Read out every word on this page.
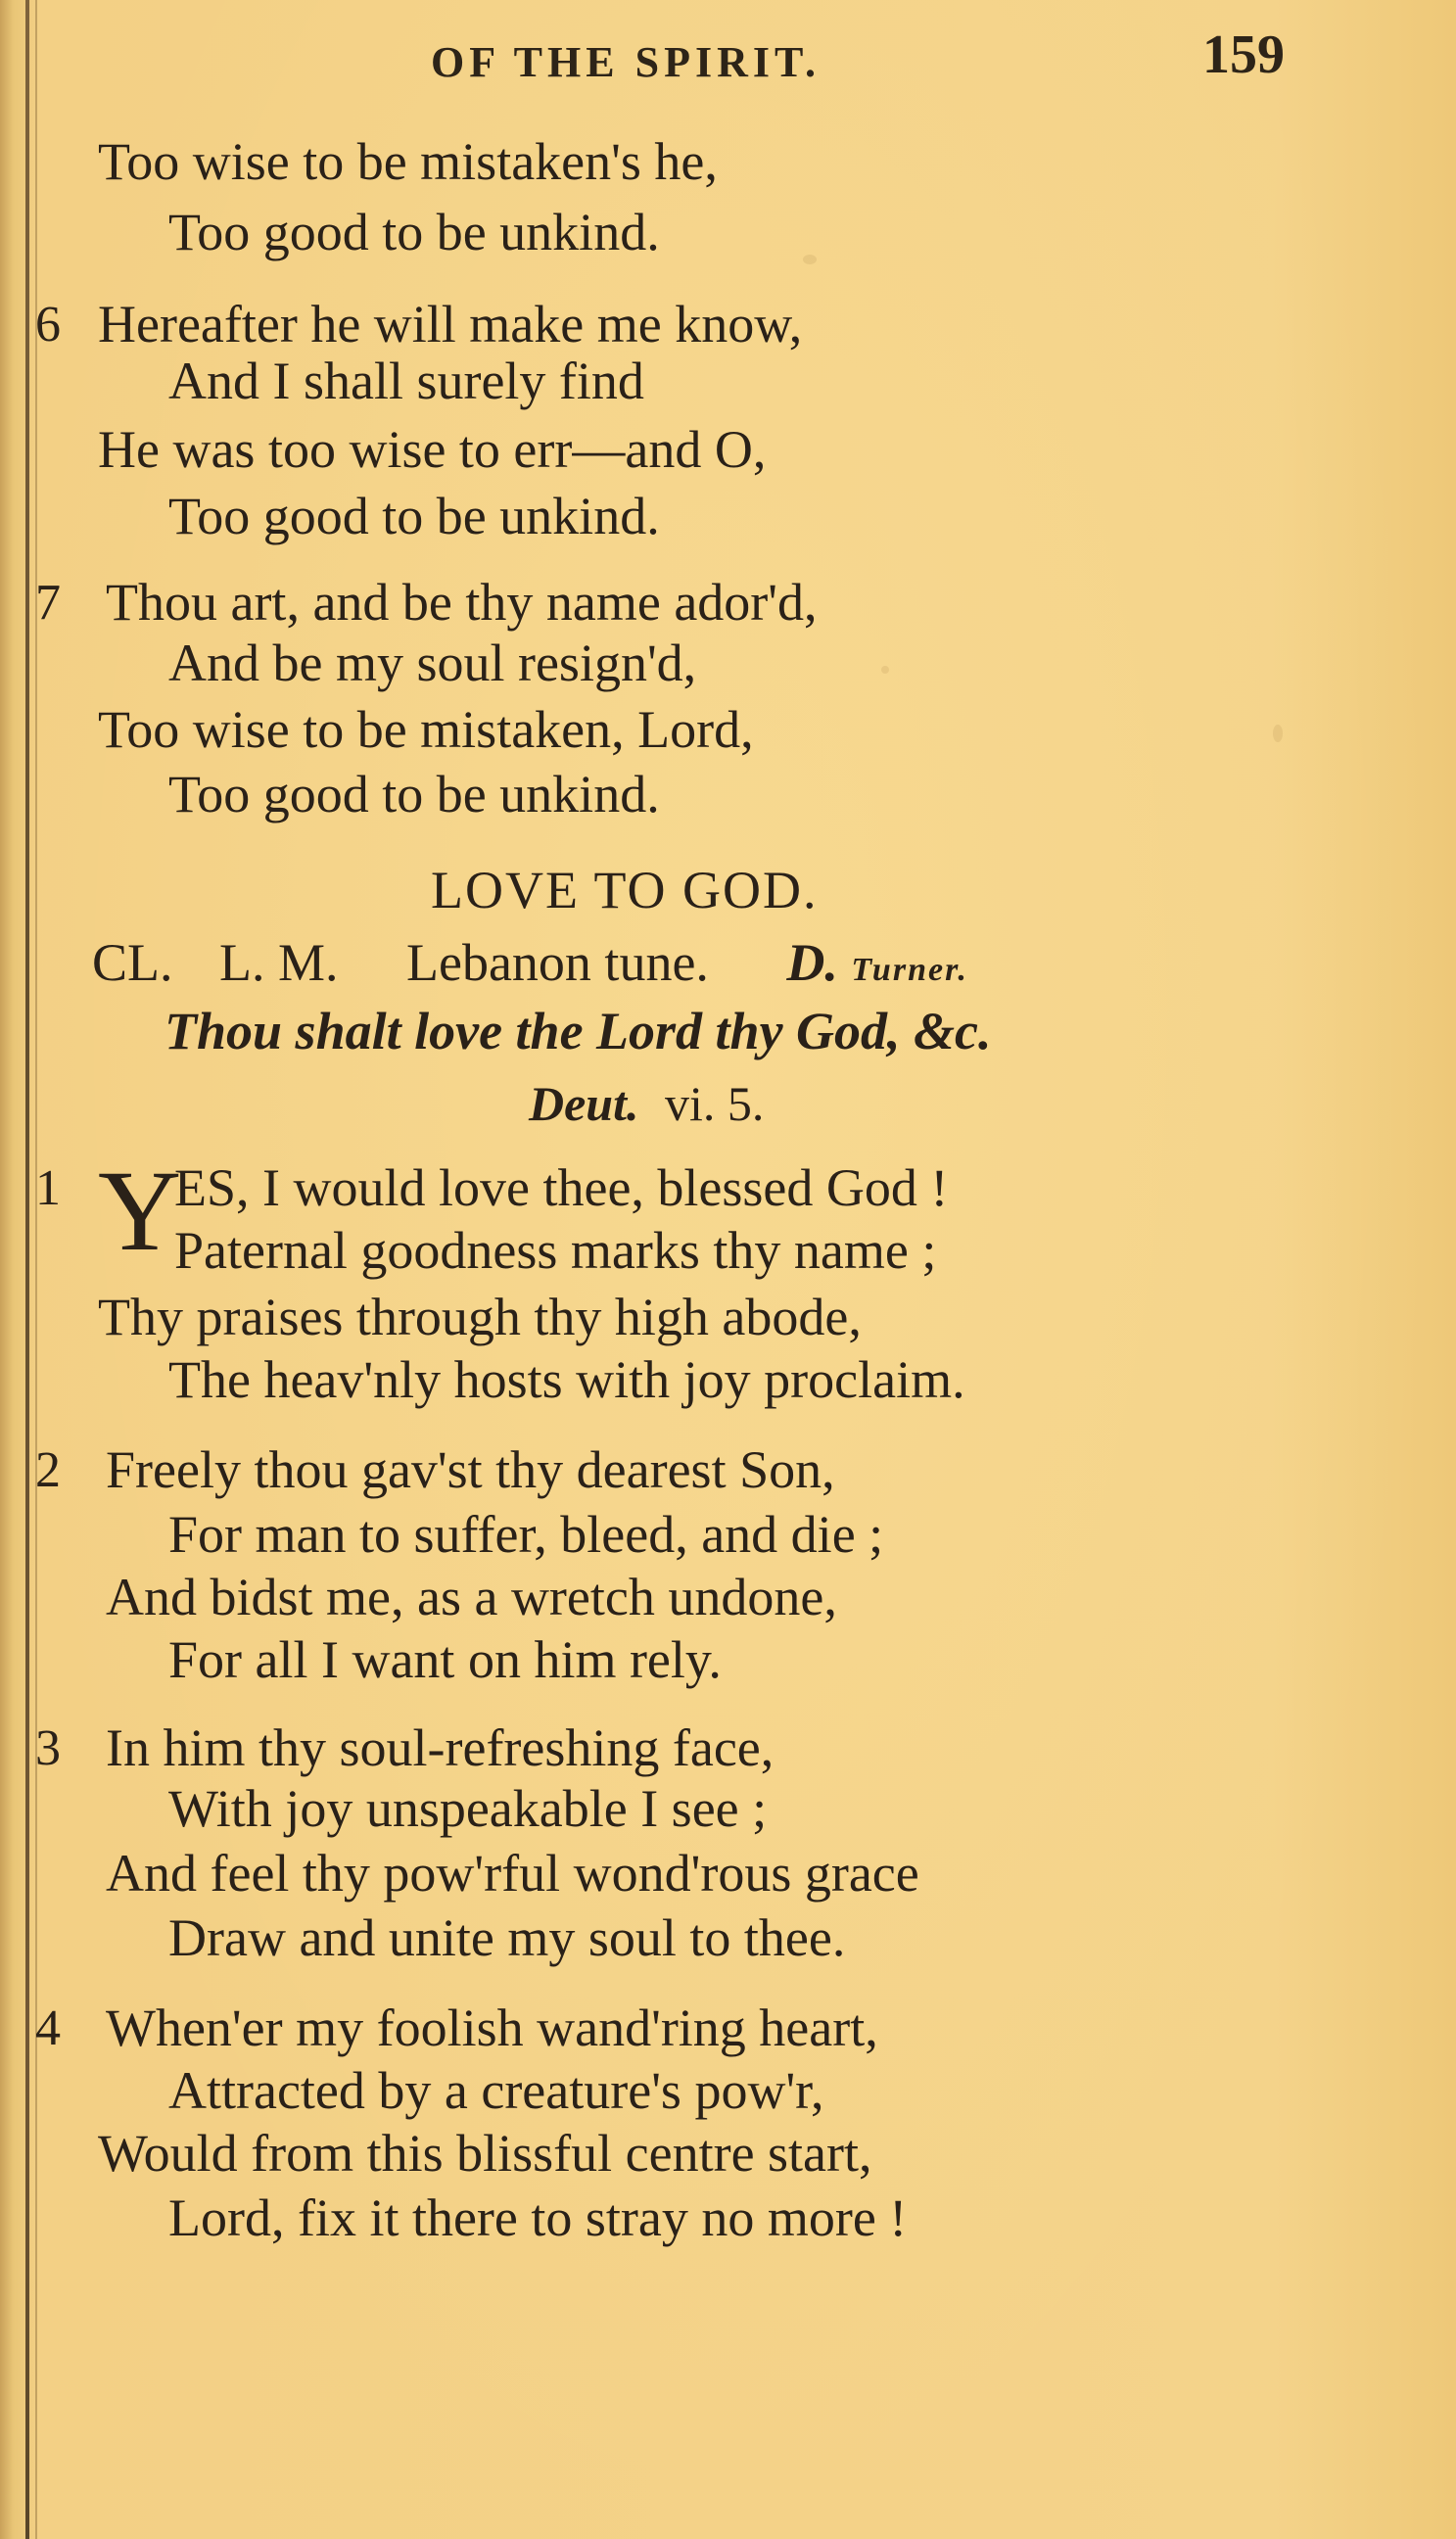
OF THE SPIRIT.	159
Too wise to be mistaken's he,
Too good to be unkind.
6 Hereafter he will make me know,
And I shall surely find
He was too wise to err—and O,
Too good to be unkind.
7 Thou art, and be thy name ador'd,
And be my soul resign'd,
Too wise to be mistaken, Lord,
Too good to be unkind.
LOVE TO GOD.
CL. L. M. Lebanon tune. D. Turner.
Thou shalt love the Lord thy God, &c.
Deut. vi. 5.
1 Y
ES, I would love thee, blessed God !
Paternal goodness marks thy name ;
Thy praises through thy high abode,
The heav'nly hosts with joy proclaim.
2 Freely thou gav'st thy dearest Son,
For man to suffer, bleed, and die ;
And bidst me, as a wretch undone,
For all I want on him rely.
3 In him thy soul-refreshing face,
With joy unspeakable I see ;
And feel thy pow'rful wond'rous grace
Draw and unite my soul to thee.
4 When'er my foolish wand'ring heart,
Attracted by a creature's pow'r,
Would from this blissful centre start,
Lord, fix it there to stray no more !
